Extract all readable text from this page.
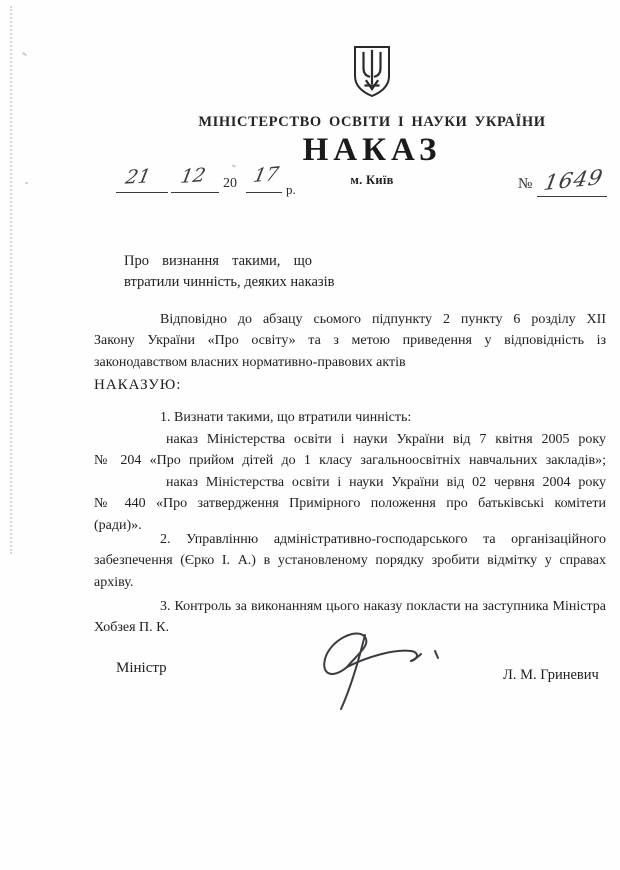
МІНІСТЕРСТВО ОСВІТИ І НАУКИ УКРАЇНИ
НАКАЗ
м. Київ
21 12 20 17
р.	№ 1649
Про визнання такими, що
втратили чинність, деяких наказів
Відповідно до абзацу сьомого підпункту 2 пункту 6 розділу XII
Закону України «Про освіту» та з метою приведення у відповідність із
законодавством власних нормативно-правових актів
НАКАЗУЮ:
1. Визнати такими, що втратили чинність:
наказ Міністерства освіти і науки України від 7 квітня 2005 року
№ 204 «Про прийом дітей до 1 класу загальноосвітніх навчальних закладів»;
наказ Міністерства освіти і науки України від 02 червня 2004 року
№ 440 «Про затвердження Примірного положення про батьківські комітети
(ради)».
2. Управлінню адміністративно-господарського та організаційного
забезпечення (Єрко І. А.) в установленому порядку зробити відмітку у справах
архіву.
3. Контроль за виконанням цього наказу покласти на заступника Міністра
Хобзея П. К.
Міністр	Л. М. Гриневич
